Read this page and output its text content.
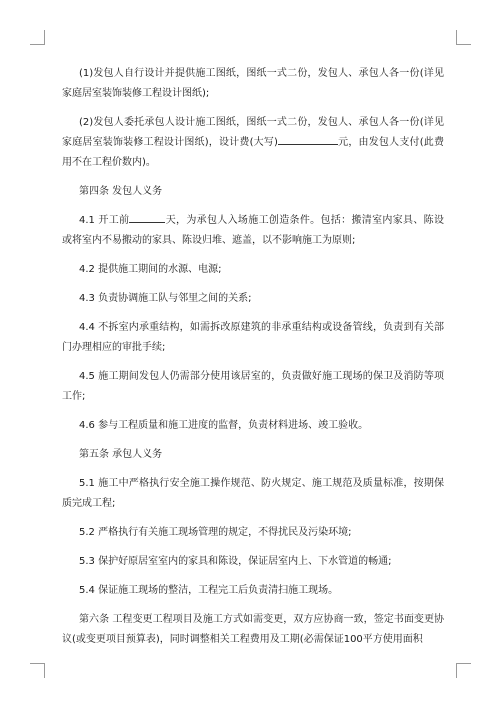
(1)发包人自行设计并提供施工图纸，图纸一式二份，发包人、承包人各一份(详见家庭居室装饰装修工程设计图纸);

(2)发包人委托承包人设计施工图纸，图纸一式二份，发包人、承包人各一份(详见家庭居室装饰装修工程设计图纸)，设计费(大写)	元，由发包人支付(此费用不在工程价数内)。

第四条 发包人义务

4.1 开工前	天，为承包人入场施工创造条件。包括：搬清室内家具、陈设或将室内不易搬动的家具、陈设归堆、遮盖，以不影响施工为原则;

4.2 提供施工期间的水源、电源;

4.3 负责协调施工队与邻里之间的关系;

4.4 不拆室内承重结构，如需拆改原建筑的非承重结构或设备管线，负责到有关部门办理相应的审批手续;

4.5 施工期间发包人仍需部分使用该居室的，负责做好施工现场的保卫及消防等项工作;

4.6 参与工程质量和施工进度的监督，负责材料进场、竣工验收。

第五条 承包人义务

5.1 施工中严格执行安全施工操作规范、防火规定、施工规范及质量标准，按期保质完成工程;

5.2 严格执行有关施工现场管理的规定，不得扰民及污染环境;

5.3 保护好原居室室内的家具和陈设，保证居室内上、下水管道的畅通;

5.4 保证施工现场的整洁，工程完工后负责清扫施工现场。

第六条 工程变更工程项目及施工方式如需变更，双方应协商一致，签定书面变更协议(或变更项目预算表)，同时调整相关工程费用及工期(必需保证100平方使用面积
